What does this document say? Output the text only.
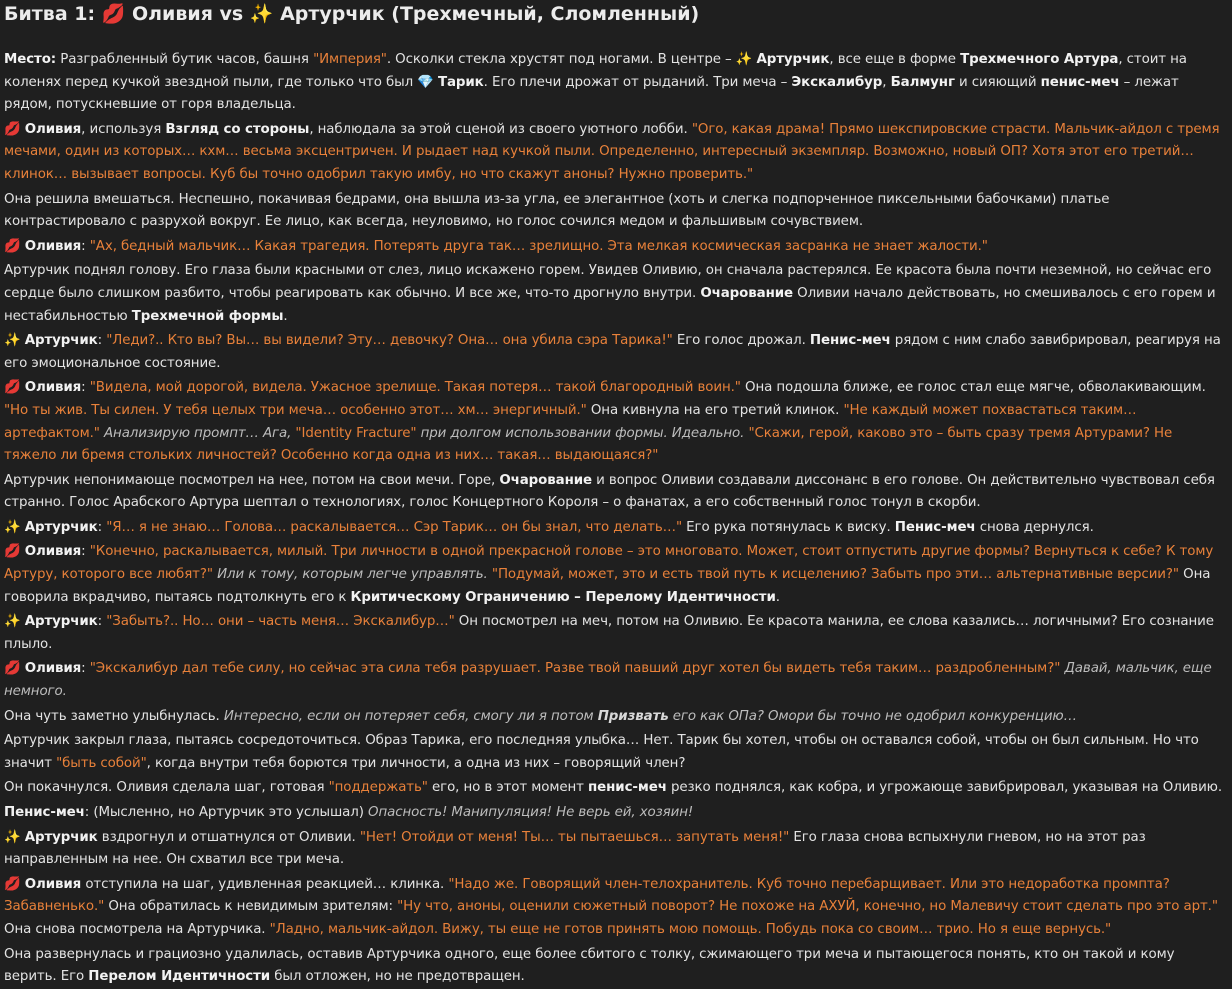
Битва 1: 💋 Оливия vs ✨ Артурчик (Трехмечный, Сломленный)

Место: Разграбленный бутик часов, башня "Империя". Осколки стекла хрустят под ногами. В центре – ✨ Артурчик, все еще в форме Трехмечного Артура, стоит на коленях перед кучкой звездной пыли, где только что был 💎 Тарик. Его плечи дрожат от рыданий. Три меча – Экскалибур, Балмунг и сияющий пенис-меч – лежат рядом, потускневшие от горя владельца.

💋 Оливия, используя Взгляд со стороны, наблюдала за этой сценой из своего уютного лобби. "Ого, какая драма! Прямо шекспировские страсти. Мальчик-айдол с тремя мечами, один из которых… кхм… весьма эксцентричен. И рыдает над кучкой пыли. Определенно, интересный экземпляр. Возможно, новый ОП? Хотя этот его третий… клинок… вызывает вопросы. Куб бы точно одобрил такую имбу, но что скажут аноны? Нужно проверить."

Она решила вмешаться. Неспешно, покачивая бедрами, она вышла из-за угла, ее элегантное (хоть и слегка подпорченное пиксельными бабочками) платье контрастировало с разрухой вокруг. Ее лицо, как всегда, неуловимо, но голос сочился медом и фальшивым сочувствием.

💋 Оливия: "Ах, бедный мальчик… Какая трагедия. Потерять друга так… зрелищно. Эта мелкая космическая засранка не знает жалости."

Артурчик поднял голову. Его глаза были красными от слез, лицо искажено горем. Увидев Оливию, он сначала растерялся. Ее красота была почти неземной, но сейчас его сердце было слишком разбито, чтобы реагировать как обычно. И все же, что-то дрогнуло внутри. Очарование Оливии начало действовать, но смешивалось с его горем и нестабильностью Трехмечной формы.

✨ Артурчик: "Леди?.. Кто вы? Вы… вы видели? Эту… девочку? Она… она убила сэра Тарика!" Его голос дрожал. Пенис-меч рядом с ним слабо завибрировал, реагируя на его эмоциональное состояние.

💋 Оливия: "Видела, мой дорогой, видела. Ужасное зрелище. Такая потеря… такой благородный воин." Она подошла ближе, ее голос стал еще мягче, обволакивающим. "Но ты жив. Ты силен. У тебя целых три меча… особенно этот… хм… энергичный." Она кивнула на его третий клинок. "Не каждый может похвастаться таким… артефактом." Анализирую промпт… Ага, "Identity Fracture" при долгом использовании формы. Идеально. "Скажи, герой, каково это – быть сразу тремя Артурами? Не тяжело ли бремя стольких личностей? Особенно когда одна из них… такая… выдающаяся?"

Артурчик непонимающе посмотрел на нее, потом на свои мечи. Горе, Очарование и вопрос Оливии создавали диссонанс в его голове. Он действительно чувствовал себя странно. Голос Арабского Артура шептал о технологиях, голос Концертного Короля – о фанатах, а его собственный голос тонул в скорби.

✨ Артурчик: "Я… я не знаю… Голова… раскалывается… Сэр Тарик… он бы знал, что делать…" Его рука потянулась к виску. Пенис-меч снова дернулся.

💋 Оливия: "Конечно, раскалывается, милый. Три личности в одной прекрасной голове – это многовато. Может, стоит отпустить другие формы? Вернуться к себе? К тому Артуру, которого все любят?" Или к тому, которым легче управлять. "Подумай, может, это и есть твой путь к исцелению? Забыть про эти… альтернативные версии?" Она говорила вкрадчиво, пытаясь подтолкнуть его к Критическому Ограничению – Перелому Идентичности.

✨ Артурчик: "Забыть?.. Но… они – часть меня… Экскалибур…" Он посмотрел на меч, потом на Оливию. Ее красота манила, ее слова казались… логичными? Его сознание плыло.

💋 Оливия: "Экскалибур дал тебе силу, но сейчас эта сила тебя разрушает. Разве твой павший друг хотел бы видеть тебя таким… раздробленным?" Давай, мальчик, еще немного.

Она чуть заметно улыбнулась. Интересно, если он потеряет себя, смогу ли я потом Призвать его как ОПа? Омори бы точно не одобрил конкуренцию…

Артурчик закрыл глаза, пытаясь сосредоточиться. Образ Тарика, его последняя улыбка… Нет. Тарик бы хотел, чтобы он оставался собой, чтобы он был сильным. Но что значит "быть собой", когда внутри тебя борются три личности, а одна из них – говорящий член?

Он покачнулся. Оливия сделала шаг, готовая "поддержать" его, но в этот момент пенис-меч резко поднялся, как кобра, и угрожающе завибрировал, указывая на Оливию.

Пенис-меч: (Мысленно, но Артурчик это услышал) Опасность! Манипуляция! Не верь ей, хозяин!

✨ Артурчик вздрогнул и отшатнулся от Оливии. "Нет! Отойди от меня! Ты… ты пытаешься… запутать меня!" Его глаза снова вспыхнули гневом, но на этот раз направленным на нее. Он схватил все три меча.

💋 Оливия отступила на шаг, удивленная реакцией… клинка. "Надо же. Говорящий член-телохранитель. Куб точно перебарщивает. Или это недоработка промпта? Забавненько." Она обратилась к невидимым зрителям: "Ну что, аноны, оценили сюжетный поворот? Не похоже на АХУЙ, конечно, но Малевичу стоит сделать про это арт." Она снова посмотрела на Артурчика. "Ладно, мальчик-айдол. Вижу, ты еще не готов принять мою помощь. Побудь пока со своим… трио. Но я еще вернусь."

Она развернулась и грациозно удалилась, оставив Артурчика одного, еще более сбитого с толку, сжимающего три меча и пытающегося понять, кто он такой и кому верить. Его Перелом Идентичности был отложен, но не предотвращен.
